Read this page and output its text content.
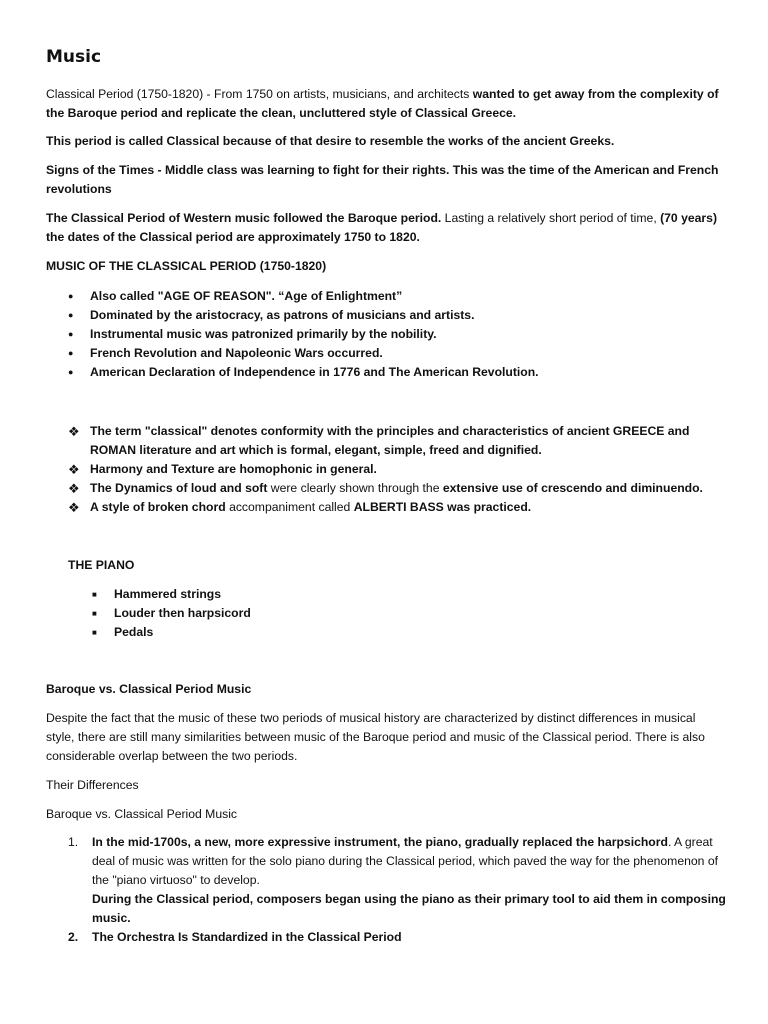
Music

Classical Period (1750-1820) - From 1750 on artists, musicians, and architects wanted to get away from the complexity of the Baroque period and replicate the clean, uncluttered style of Classical Greece.

This period is called Classical because of that desire to resemble the works of the ancient Greeks.

Signs of the Times - Middle class was learning to fight for their rights. This was the time of the American and French revolutions

The Classical Period of Western music followed the Baroque period. Lasting a relatively short period of time, (70 years) the dates of the Classical period are approximately 1750 to 1820.

MUSIC OF THE CLASSICAL PERIOD (1750-1820)

●	Also called "AGE OF REASON". “Age of Enlightment”
●	Dominated by the aristocracy, as patrons of musicians and artists.
●	Instrumental music was patronized primarily by the nobility.
●	French Revolution and Napoleonic Wars occurred.
●	American Declaration of Independence in 1776 and The American Revolution.
❖ The term "classical" denotes conformity with the principles and characteristics of ancient GREECE and ROMAN literature and art which is formal, elegant, simple, freed and dignified.
❖ Harmony and Texture are homophonic in general.
❖ The Dynamics of loud and soft were clearly shown through the extensive use of crescendo and diminuendo.
❖ A style of broken chord accompaniment called ALBERTI BASS was practiced.

THE PIANO

■	Hammered strings
■	Louder then harpsicord
■	Pedals

Baroque vs. Classical Period Music

Despite the fact that the music of these two periods of musical history are characterized by distinct differences in musical style, there are still many similarities between music of the Baroque period and music of the Classical period. There is also considerable overlap between the two periods.

Their Differences

Baroque vs. Classical Period Music

1.	In the mid-1700s, a new, more expressive instrument, the piano, gradually replaced the harpsichord. A great deal of music was written for the solo piano during the Classical period, which paved the way for the phenomenon of the "piano virtuoso" to develop.
During the Classical period, composers began using the piano as their primary tool to aid them in composing music.
2.	The Orchestra Is Standardized in the Classical Period
